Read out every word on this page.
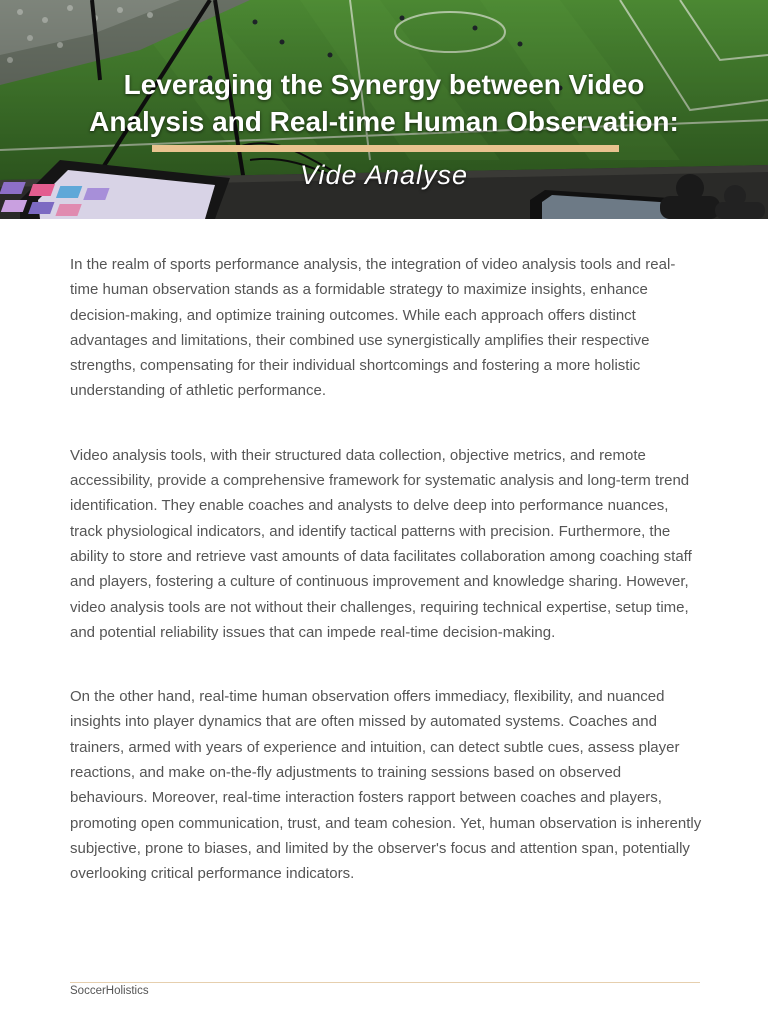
Leveraging the Synergy between Video
Analysis and Real-time Human Observation:
Vide Analyse

In the realm of sports performance analysis, the integration of video analysis tools and real-time human observation stands as a formidable strategy to maximize insights, enhance decision-making, and optimize training outcomes. While each approach offers distinct advantages and limitations, their combined use synergistically amplifies their respective strengths, compensating for their individual shortcomings and fostering a more holistic understanding of athletic performance.

Video analysis tools, with their structured data collection, objective metrics, and remote accessibility, provide a comprehensive framework for systematic analysis and long-term trend identification. They enable coaches and analysts to delve deep into performance nuances, track physiological indicators, and identify tactical patterns with precision. Furthermore, the ability to store and retrieve vast amounts of data facilitates collaboration among coaching staff and players, fostering a culture of continuous improvement and knowledge sharing. However, video analysis tools are not without their challenges, requiring technical expertise, setup time, and potential reliability issues that can impede real-time decision-making.

On the other hand, real-time human observation offers immediacy, flexibility, and nuanced insights into player dynamics that are often missed by automated systems. Coaches and trainers, armed with years of experience and intuition, can detect subtle cues, assess player reactions, and make on-the-fly adjustments to training sessions based on observed behaviours. Moreover, real-time interaction fosters rapport between coaches and players, promoting open communication, trust, and team cohesion. Yet, human observation is inherently subjective, prone to biases, and limited by the observer's focus and attention span, potentially overlooking critical performance indicators.

SoccerHolistics
